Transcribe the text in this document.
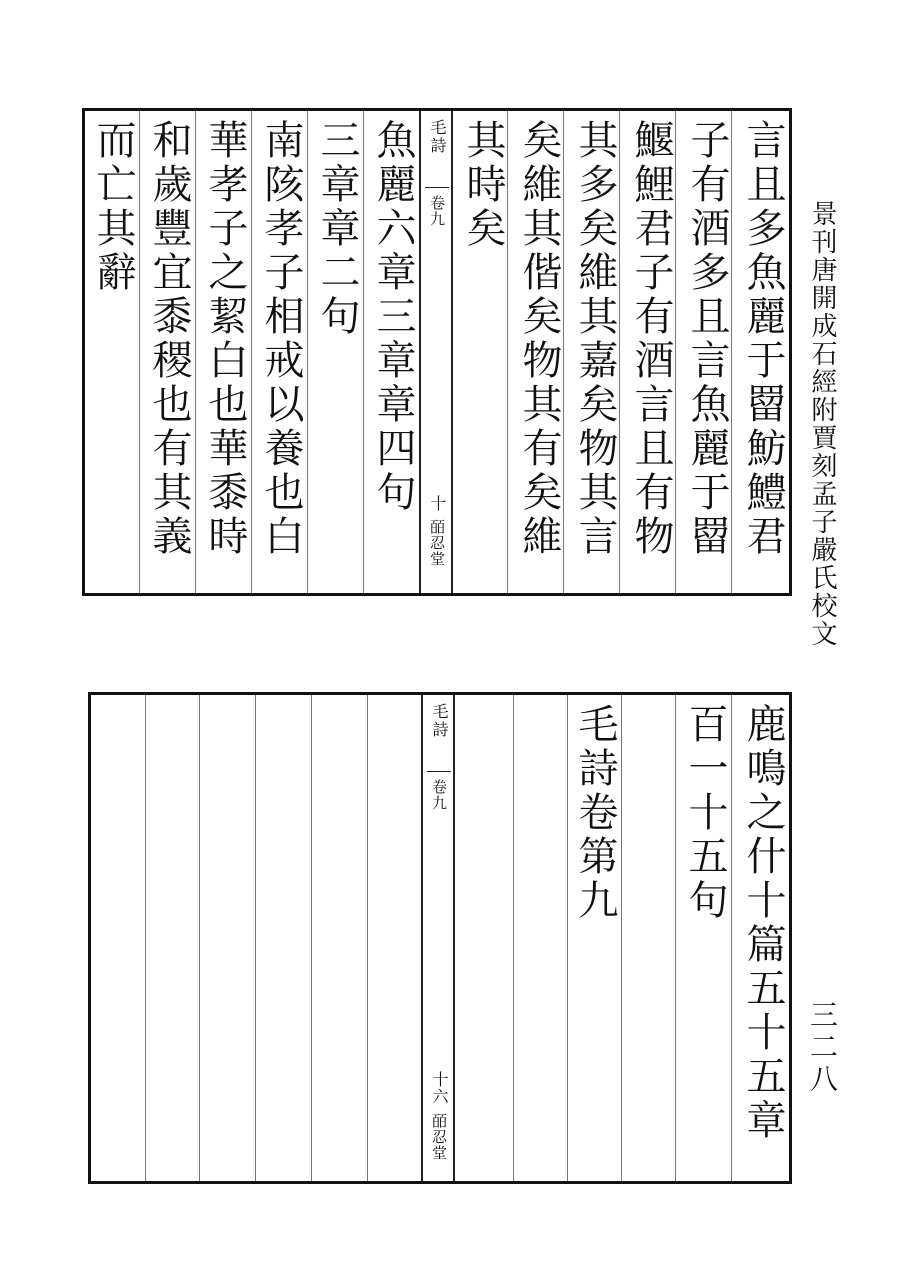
景刊唐開成石經附賈刻孟子嚴氏校文
三二八
言且多魚麗于罶魴鱧君
子有酒多且言魚麗于罶
鰋鯉君子有酒言且有物
其多矣維其嘉矣物其言
矣維其偕矣物其有矣維
其時矣
毛詩
卷九
十
皕忍堂
魚麗六章三章章四句
三章章二句
南陔孝子相戒以養也白
華孝子之絜白也華黍時
和歲豐宜黍稷也有其義
而亡其辭
鹿鳴之什十篇五十五章
百一十五句
毛詩卷第九
毛詩
卷九
十六
皕忍堂
